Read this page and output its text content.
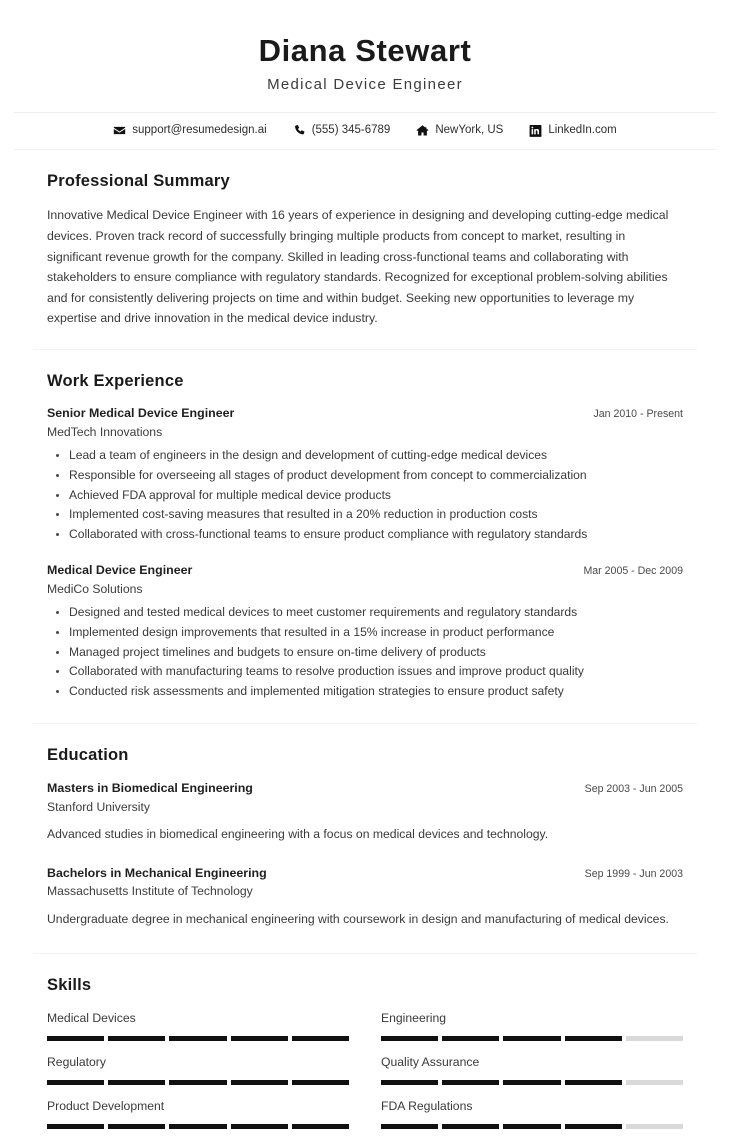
Diana Stewart
Medical Device Engineer
support@resumedesign.ai	(555) 345-6789	NewYork, US	LinkedIn.com
Professional Summary

Innovative Medical Device Engineer with 16 years of experience in designing and developing cutting-edge medical devices. Proven track record of successfully bringing multiple products from concept to market, resulting in significant revenue growth for the company. Skilled in leading cross-functional teams and collaborating with stakeholders to ensure compliance with regulatory standards. Recognized for exceptional problem-solving abilities and for consistently delivering projects on time and within budget. Seeking new opportunities to leverage my expertise and drive innovation in the medical device industry.

Work Experience
Senior Medical Device Engineer	Jan 2010 - Present
MedTech Innovations
Lead a team of engineers in the design and development of cutting-edge medical devices
Responsible for overseeing all stages of product development from concept to commercialization
Achieved FDA approval for multiple medical device products
Implemented cost-saving measures that resulted in a 20% reduction in production costs
Collaborated with cross-functional teams to ensure product compliance with regulatory standards
Medical Device Engineer	Mar 2005 - Dec 2009
MediCo Solutions
Designed and tested medical devices to meet customer requirements and regulatory standards
Implemented design improvements that resulted in a 15% increase in product performance
Managed project timelines and budgets to ensure on-time delivery of products
Collaborated with manufacturing teams to resolve production issues and improve product quality
Conducted risk assessments and implemented mitigation strategies to ensure product safety
Education
Masters in Biomedical Engineering	Sep 2003 - Jun 2005
Stanford University

Advanced studies in biomedical engineering with a focus on medical devices and technology.

Bachelors in Mechanical Engineering	Sep 1999 - Jun 2003
Massachusetts Institute of Technology

Undergraduate degree in mechanical engineering with coursework in design and manufacturing of medical devices.

Skills
Medical Devices	Engineering
Regulatory	Quality Assurance
Product Development	FDA Regulations
